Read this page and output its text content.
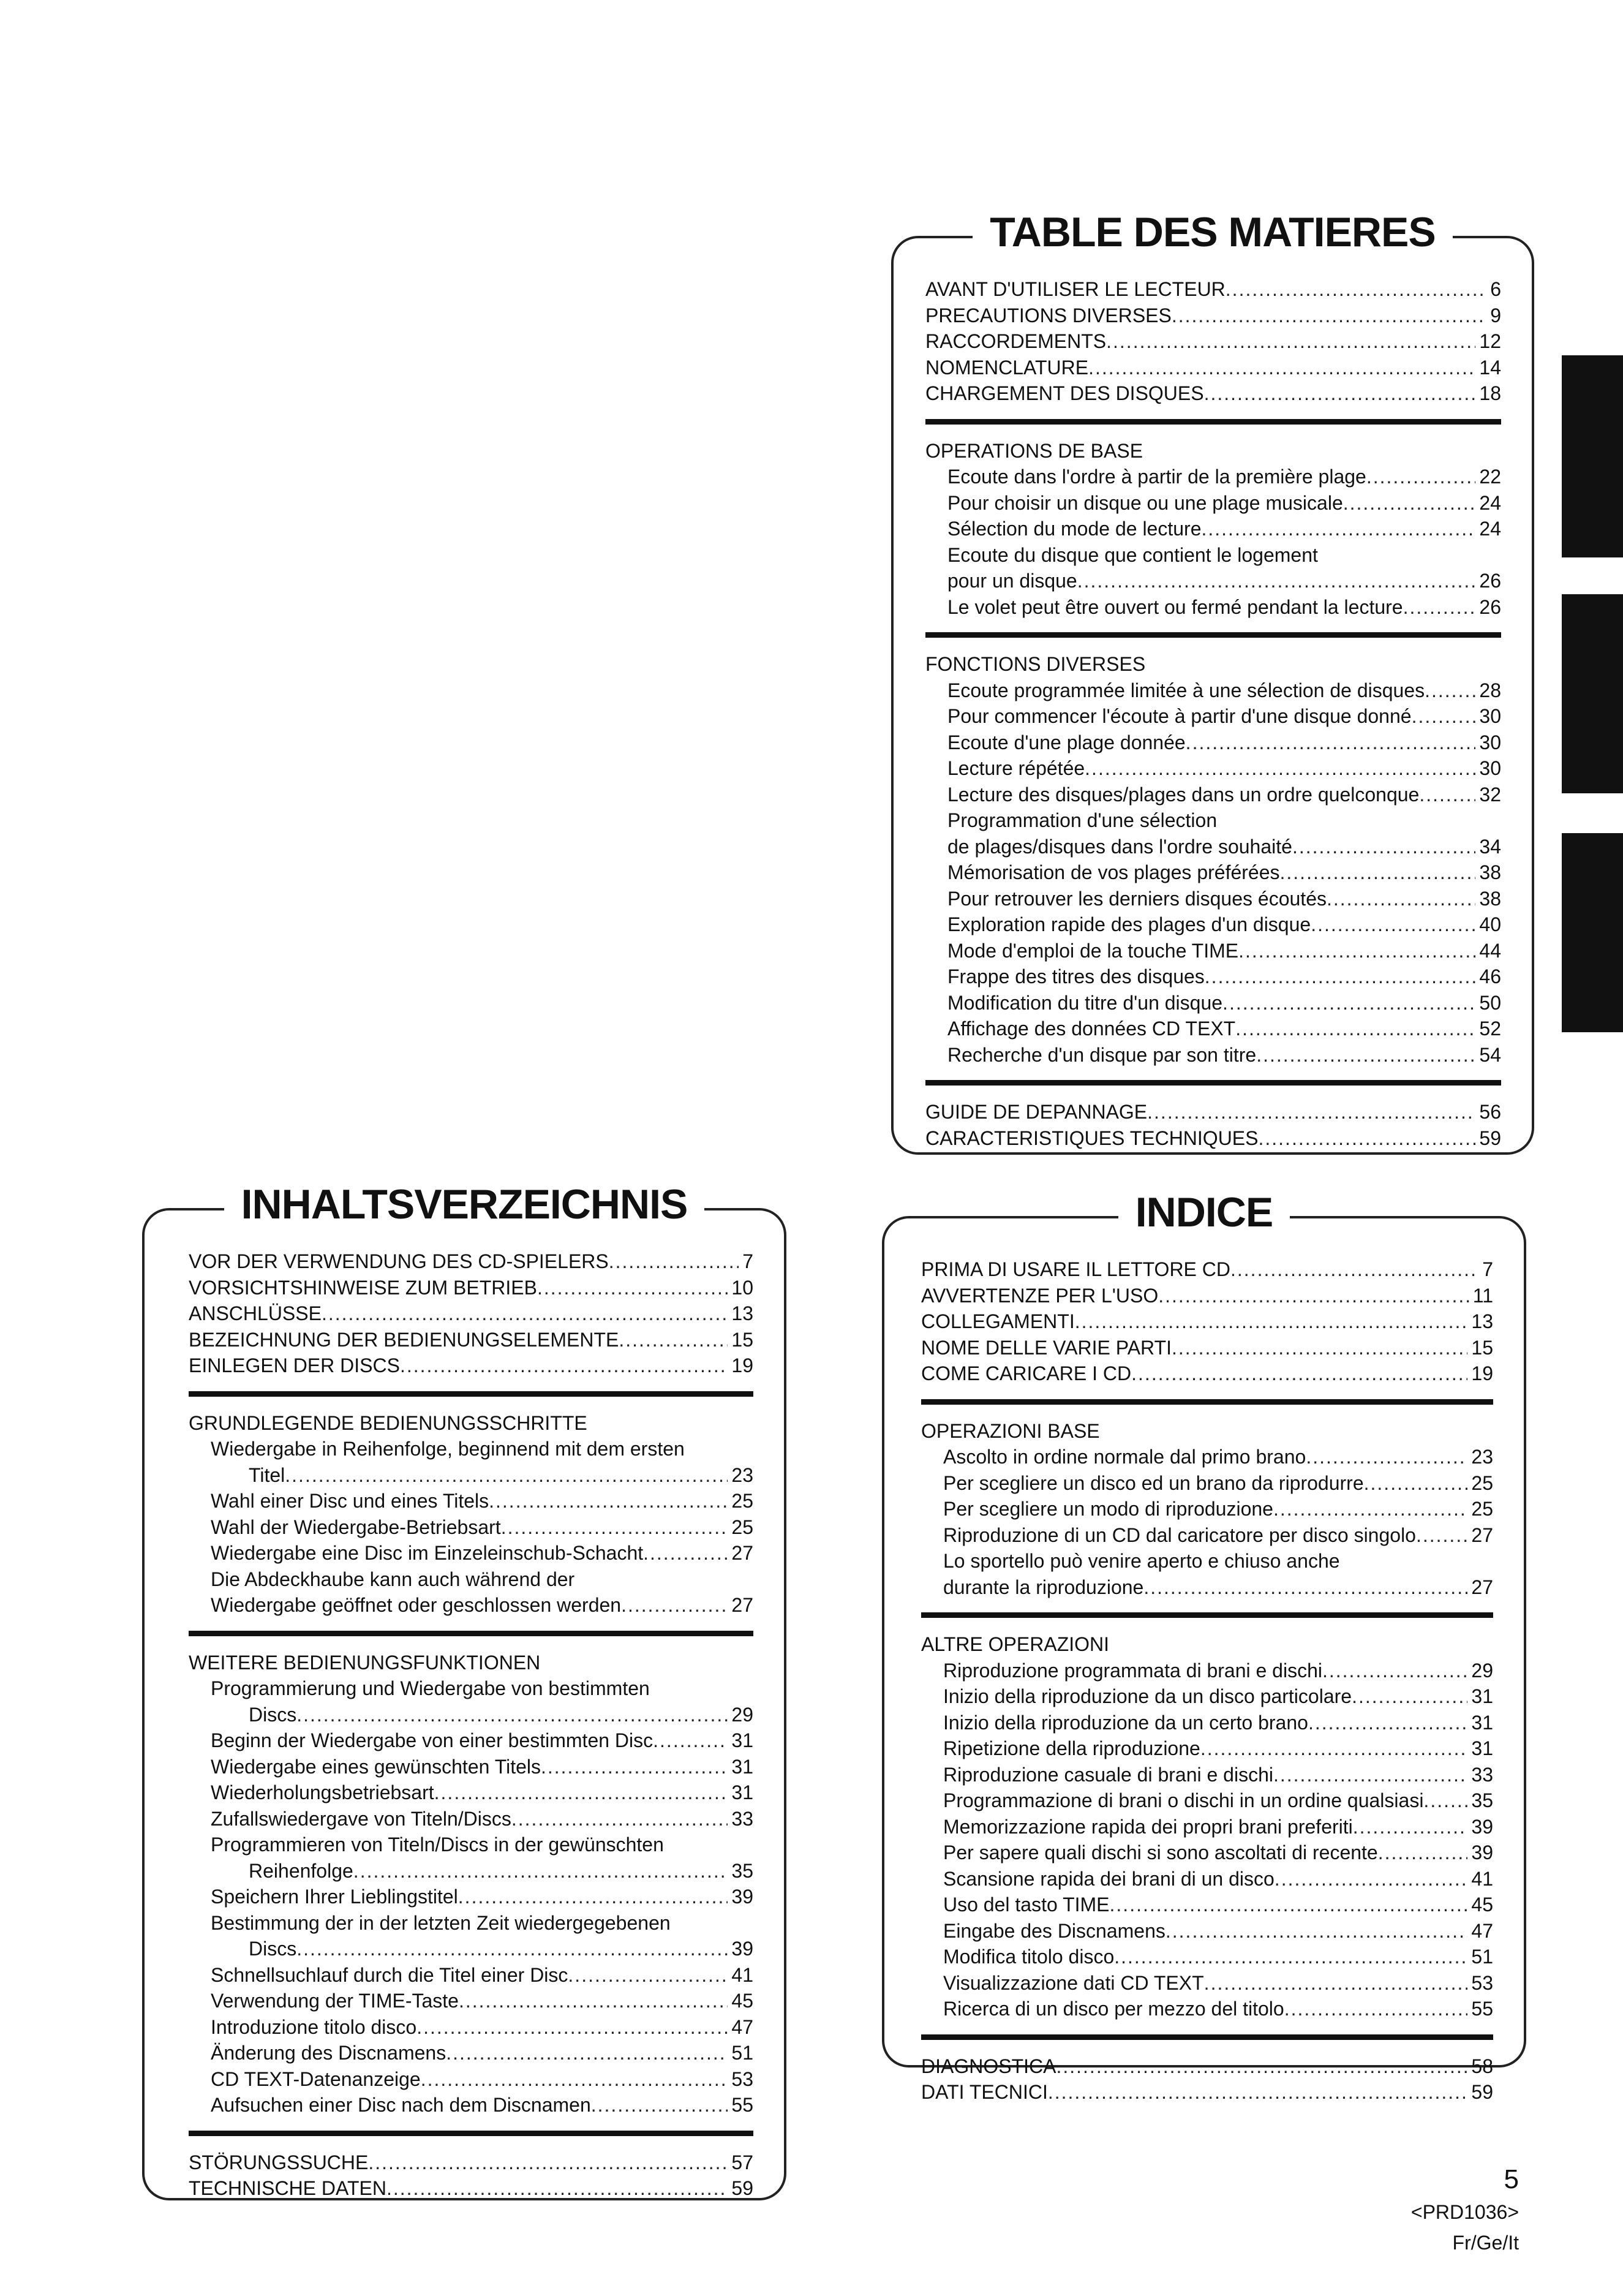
TABLE DES MATIERES
AVANT D'UTILISER LE LECTEUR .....	6
PRECAUTIONS DIVERSES .....	9
RACCORDEMENTS .....	12
NOMENCLATURE .....	14
CHARGEMENT DES DISQUES .....	18
OPERATIONS DE BASE
Ecoute dans l'ordre à partir de la première plage .....	22
Pour choisir un disque ou une plage musicale .....	24
Sélection du mode de lecture .....	24
Ecoute du disque que contient le logement
pour un disque .....	26
Le volet peut être ouvert ou fermé pendant la lecture .....	26
FONCTIONS DIVERSES
Ecoute programmée limitée à une sélection de disques .....	28
Pour commencer l'écoute à partir d'une disque donné .....	30
Ecoute d'une plage donnée .....	30
Lecture répétée .....	30
Lecture des disques/plages dans un ordre quelconque .....	32
Programmation d'une sélection
de plages/disques dans l'ordre souhaité .....	34
Mémorisation de vos plages préférées .....	38
Pour retrouver les derniers disques écoutés .....	38
Exploration rapide des plages d'un disque .....	40
Mode d'emploi de la touche TIME .....	44
Frappe des titres des disques .....	46
Modification du titre d'un disque .....	50
Affichage des données CD TEXT .....	52
Recherche d'un disque par son titre .....	54
GUIDE DE DEPANNAGE .....	56
CARACTERISTIQUES TECHNIQUES .....	59
INHALTSVERZEICHNIS
VOR DER VERWENDUNG DES CD-SPIELERS .....	7
VORSICHTSHINWEISE ZUM BETRIEB .....	10
ANSCHLÜSSE .....	13
BEZEICHNUNG DER BEDIENUNGSELEMENTE .....	15
EINLEGEN DER DISCS .....	19
GRUNDLEGENDE BEDIENUNGSSCHRITTE
Wiedergabe in Reihenfolge, beginnend mit dem ersten
Titel .....	23
Wahl einer Disc und eines Titels .....	25
Wahl der Wiedergabe-Betriebsart .....	25
Wiedergabe eine Disc im Einzeleinschub-Schacht .....	27
Die Abdeckhaube kann auch während der
Wiedergabe geöffnet oder geschlossen werden .....	27
WEITERE BEDIENUNGSFUNKTIONEN
Programmierung und Wiedergabe von bestimmten
Discs .....	29
Beginn der Wiedergabe von einer bestimmten Disc .....	31
Wiedergabe eines gewünschten Titels .....	31
Wiederholungsbetriebsart .....	31
Zufallswiedergave von Titeln/Discs .....	33
Programmieren von Titeln/Discs in der gewünschten
Reihenfolge .....	35
Speichern Ihrer Lieblingstitel .....	39
Bestimmung der in der letzten Zeit wiedergegebenen
Discs .....	39
Schnellsuchlauf durch die Titel einer Disc .....	41
Verwendung der TIME-Taste .....	45
Introduzione titolo disco .....	47
Änderung des Discnamens .....	51
CD TEXT-Datenanzeige .....	53
Aufsuchen einer Disc nach dem Discnamen .....	55
STÖRUNGSSUCHE .....	57
TECHNISCHE DATEN .....	59
INDICE
PRIMA DI USARE IL LETTORE CD .....	7
AVVERTENZE PER L'USO .....	11
COLLEGAMENTI .....	13
NOME DELLE VARIE PARTI .....	15
COME CARICARE I CD .....	19
OPERAZIONI BASE
Ascolto in ordine normale dal primo brano .....	23
Per scegliere un disco ed un brano da riprodurre .....	25
Per scegliere un modo di riproduzione .....	25
Riproduzione di un CD dal caricatore per disco singolo .....	27
Lo sportello può venire aperto e chiuso anche
durante la riproduzione .....	27
ALTRE OPERAZIONI
Riproduzione programmata di brani e dischi .....	29
Inizio della riproduzione da un disco particolare .....	31
Inizio della riproduzione da un certo brano .....	31
Ripetizione della riproduzione .....	31
Riproduzione casuale di brani e dischi .....	33
Programmazione di brani o dischi in un ordine qualsiasi ..... 35
Memorizzazione rapida dei propri brani preferiti .....	39
Per sapere quali dischi si sono ascoltati di recente .....	39
Scansione rapida dei brani di un disco .....	41
Uso del tasto TIME .....	45
Eingabe des Discnamens .....	47
Modifica titolo disco .....	51
Visualizzazione dati CD TEXT .....	53
Ricerca di un disco per mezzo del titolo .....	55
DIAGNOSTICA .....	58
DATI TECNICI .....	59
5
<PRD1036>
Fr/Ge/It
